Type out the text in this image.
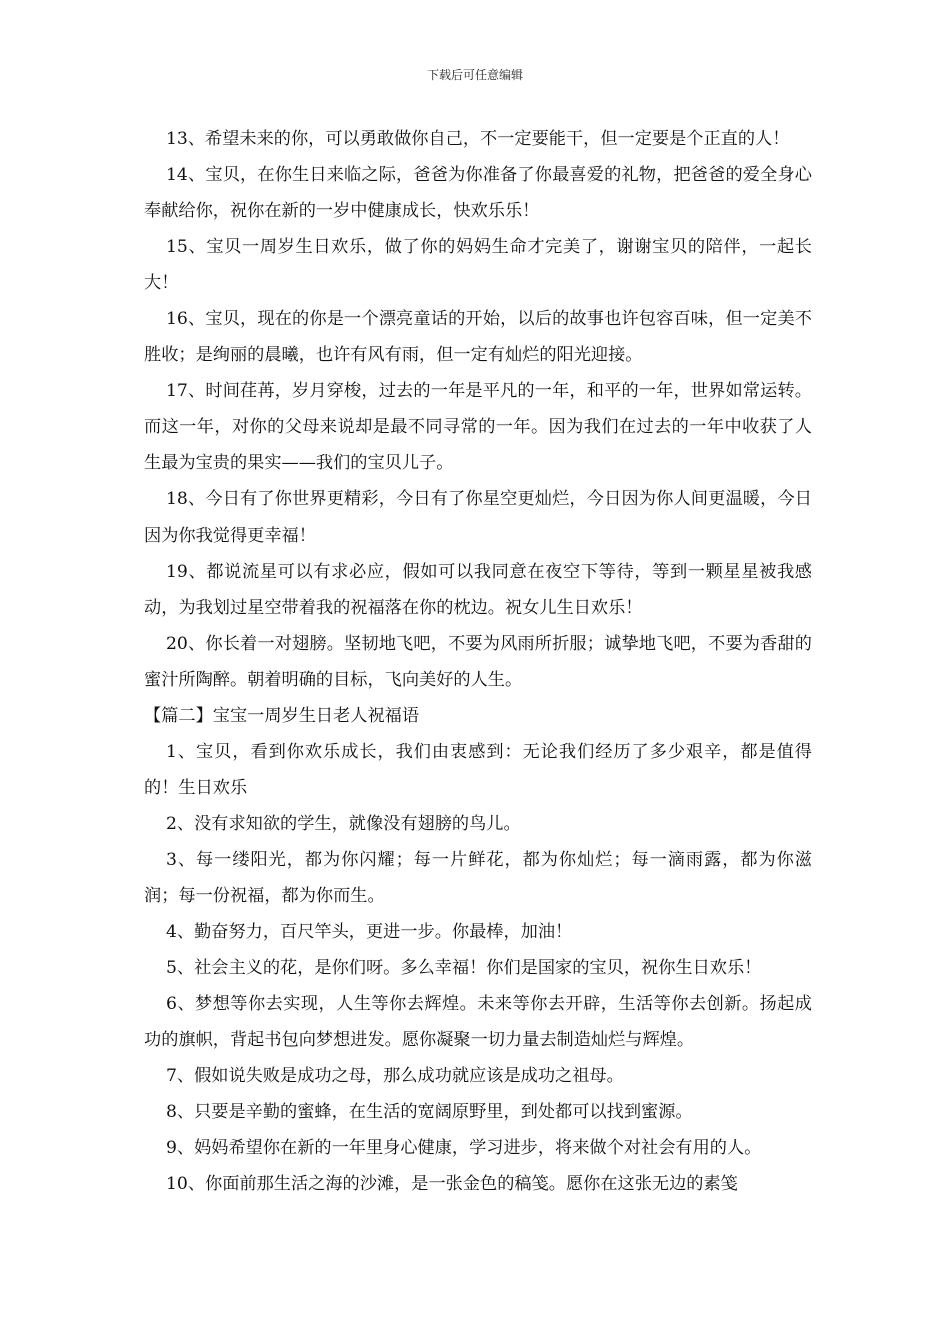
下载后可任意编辑

13、希望未来的你，可以勇敢做你自己，不一定要能干，但一定要是个正直的人！

14、宝贝，在你生日来临之际，爸爸为你准备了你最喜爱的礼物，把爸爸的爱全身心奉献给你，祝你在新的一岁中健康成长，快欢乐乐！

15、宝贝一周岁生日欢乐，做了你的妈妈生命才完美了，谢谢宝贝的陪伴，一起长大！

16、宝贝，现在的你是一个漂亮童话的开始，以后的故事也许包容百味，但一定美不胜收；是绚丽的晨曦，也许有风有雨，但一定有灿烂的阳光迎接。

17、时间荏苒，岁月穿梭，过去的一年是平凡的一年，和平的一年，世界如常运转。而这一年，对你的父母来说却是最不同寻常的一年。因为我们在过去的一年中收获了人生最为宝贵的果实——我们的宝贝儿子。

18、今日有了你世界更精彩，今日有了你星空更灿烂，今日因为你人间更温暖，今日因为你我觉得更幸福！

19、都说流星可以有求必应，假如可以我同意在夜空下等待，等到一颗星星被我感动，为我划过星空带着我的祝福落在你的枕边。祝女儿生日欢乐！

20、你长着一对翅膀。坚韧地飞吧，不要为风雨所折服；诚挚地飞吧，不要为香甜的蜜汁所陶醉。朝着明确的目标，飞向美好的人生。

【篇二】宝宝一周岁生日老人祝福语

1、宝贝，看到你欢乐成长，我们由衷感到：无论我们经历了多少艰辛，都是值得的！生日欢乐

2、没有求知欲的学生，就像没有翅膀的鸟儿。

3、每一缕阳光，都为你闪耀；每一片鲜花，都为你灿烂；每一滴雨露，都为你滋润；每一份祝福，都为你而生。

4、勤奋努力，百尺竿头，更进一步。你最棒，加油！

5、社会主义的花，是你们呀。多么幸福！你们是国家的宝贝，祝你生日欢乐！

6、梦想等你去实现，人生等你去辉煌。未来等你去开辟，生活等你去创新。扬起成功的旗帜，背起书包向梦想进发。愿你凝聚一切力量去制造灿烂与辉煌。

7、假如说失败是成功之母，那么成功就应该是成功之祖母。

8、只要是辛勤的蜜蜂，在生活的宽阔原野里，到处都可以找到蜜源。

9、妈妈希望你在新的一年里身心健康，学习进步，将来做个对社会有用的人。

10、你面前那生活之海的沙滩，是一张金色的稿笺。愿你在这张无边的素笺
